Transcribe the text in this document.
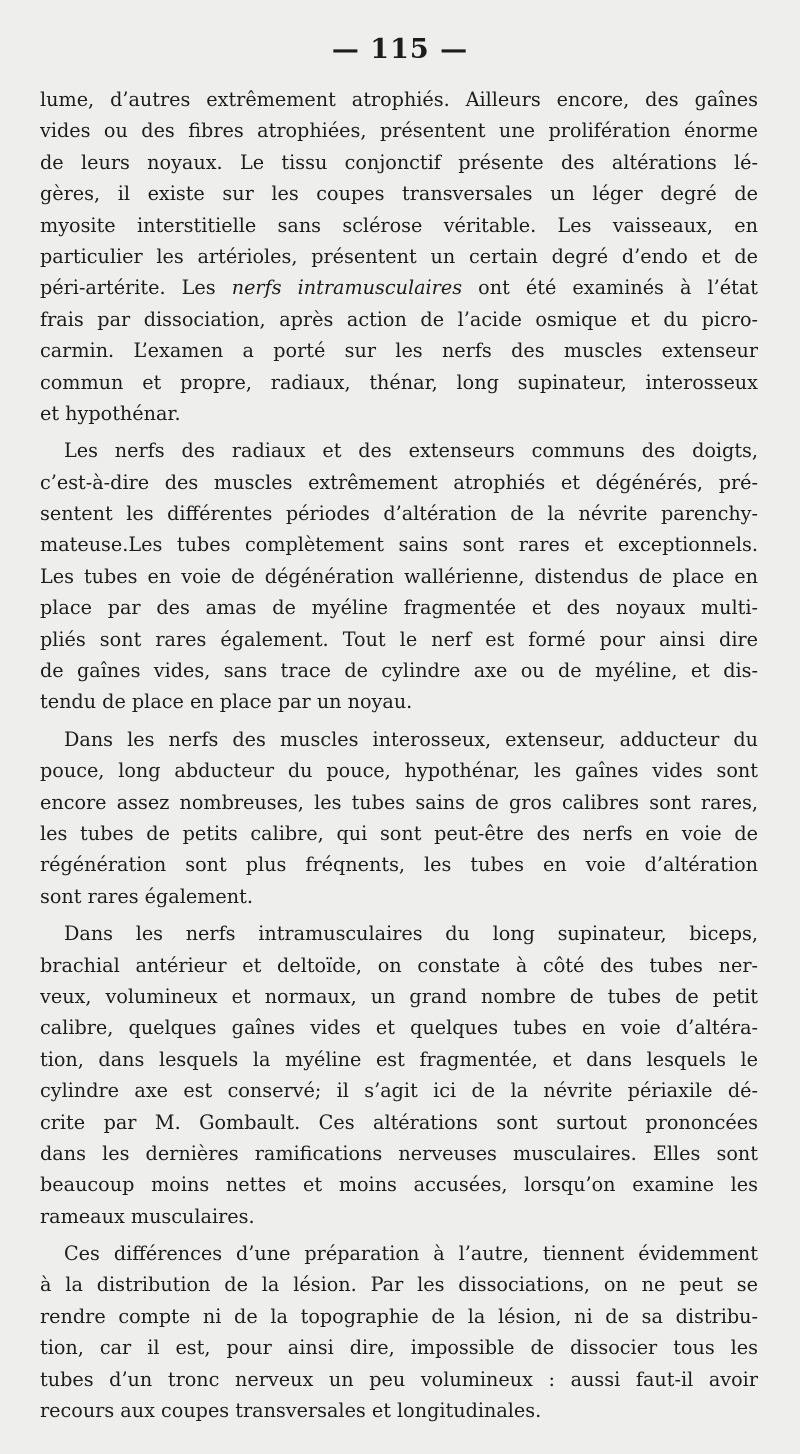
— 115 —
lume, d’autres extrêmement atrophiés. Ailleurs encore, des gaînes
vides ou des fibres atrophiées, présentent une prolifération énorme
de leurs noyaux. Le tissu conjonctif présente des altérations lé-
gères, il existe sur les coupes transversales un léger degré de
myosite interstitielle sans sclérose véritable. Les vaisseaux, en
particulier les artérioles, présentent un certain degré d’endo et de
péri-artérite. Les nerfs intramusculaires ont été examinés à l’état
frais par dissociation, après action de l’acide osmique et du picro-
carmin. L’examen a porté sur les nerfs des muscles extenseur
commun et propre, radiaux, thénar, long supinateur, interosseux
et hypothénar.
Les nerfs des radiaux et des extenseurs communs des doigts,
c’est-à-dire des muscles extrêmement atrophiés et dégénérés, pré-
sentent les différentes périodes d’altération de la névrite parenchy-
mateuse.Les tubes complètement sains sont rares et exceptionnels.
Les tubes en voie de dégénération wallérienne, distendus de place en
place par des amas de myéline fragmentée et des noyaux multi-
pliés sont rares également. Tout le nerf est formé pour ainsi dire
de gaînes vides, sans trace de cylindre axe ou de myéline, et dis-
tendu de place en place par un noyau.
Dans les nerfs des muscles interosseux, extenseur, adducteur du
pouce, long abducteur du pouce, hypothénar, les gaînes vides sont
encore assez nombreuses, les tubes sains de gros calibres sont rares,
les tubes de petits calibre, qui sont peut-être des nerfs en voie de
régénération sont plus fréqnents, les tubes en voie d’altération
sont rares également.
Dans les nerfs intramusculaires du long supinateur, biceps,
brachial antérieur et deltoïde, on constate à côté des tubes ner-
veux, volumineux et normaux, un grand nombre de tubes de petit
calibre, quelques gaînes vides et quelques tubes en voie d’altéra-
tion, dans lesquels la myéline est fragmentée, et dans lesquels le
cylindre axe est conservé; il s’agit ici de la névrite périaxile dé-
crite par M. Gombault. Ces altérations sont surtout prononcées
dans les dernières ramifications nerveuses musculaires. Elles sont
beaucoup moins nettes et moins accusées, lorsqu’on examine les
rameaux musculaires.
Ces différences d’une préparation à l’autre, tiennent évidemment
à la distribution de la lésion. Par les dissociations, on ne peut se
rendre compte ni de la topographie de la lésion, ni de sa distribu-
tion, car il est, pour ainsi dire, impossible de dissocier tous les
tubes d’un tronc nerveux un peu volumineux : aussi faut-il avoir
recours aux coupes transversales et longitudinales.
